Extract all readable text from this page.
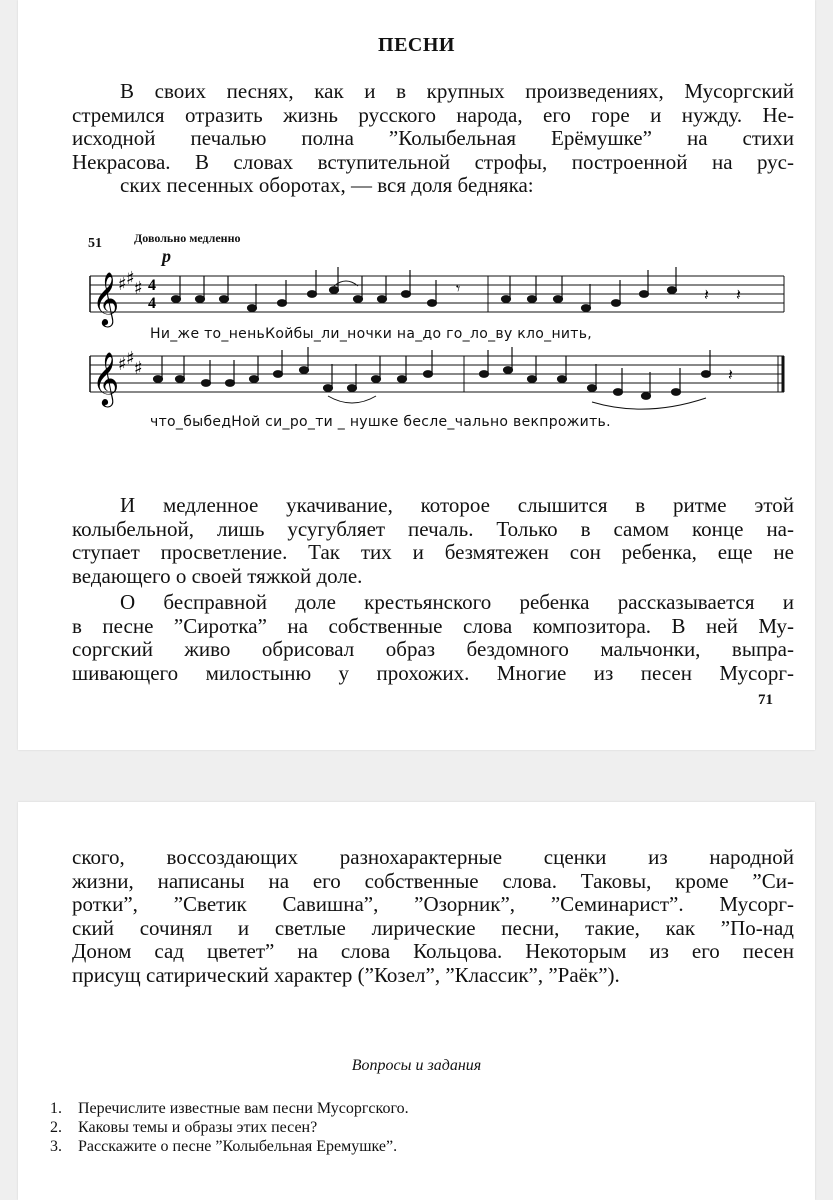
ПЕСНИ
В своих песнях, как и в крупных произведениях, Мусоргский
стремился отразить жизнь русского народа, его горе и нужду. Не-
исходной печалью полна ”Колыбельная Ерёмушке” на стихи
Некрасова. В словах вступительной строфы, построенной на рус-
ских песенных оборотах, — вся доля бедняка:
51	Довольно медленно
p
𝄞
♯ ♯ ♯ 4
4
𝄾	𝄽 𝄽
Ни_же то_неньКойбы_ли_ночки на_до го_ло_ву кло_нить,
𝄞
♯ ♯ ♯	𝄽
что_быбедНой си_ро_ти _ нушке бесле_чально векпрожить.
И медленное укачивание, которое слышится в ритме этой
колыбельной, лишь усугубляет печаль. Только в самом конце на-
ступает просветление. Так тих и безмятежен сон ребенка, еще не
ведающего о своей тяжкой доле.
О бесправной доле крестьянского ребенка рассказывается и
в песне ”Сиротка” на собственные слова композитора. В ней Му-
соргский живо обрисовал образ бездомного мальчонки, выпра-
шивающего милостыню у прохожих. Многие из песен Мусорг-
71
ского, воссоздающих разнохарактерные сценки из народной
жизни, написаны на его собственные слова. Таковы, кроме ”Си-
ротки”, ”Светик Савишна”, ”Озорник”, ”Семинарист”. Мусорг-
ский сочинял и светлые лирические песни, такие, как ”По-над
Доном сад цветет” на слова Кольцова. Некоторым из его песен
присущ сатирический характер (”Козел”, ”Классик”, ”Раёк”).
Вопросы и задания
1.	Перечислите известные вам песни Мусоргского.
2.	Каковы темы и образы этих песен?
3.	Расскажите о песне ”Колыбельная Еремушке”.
